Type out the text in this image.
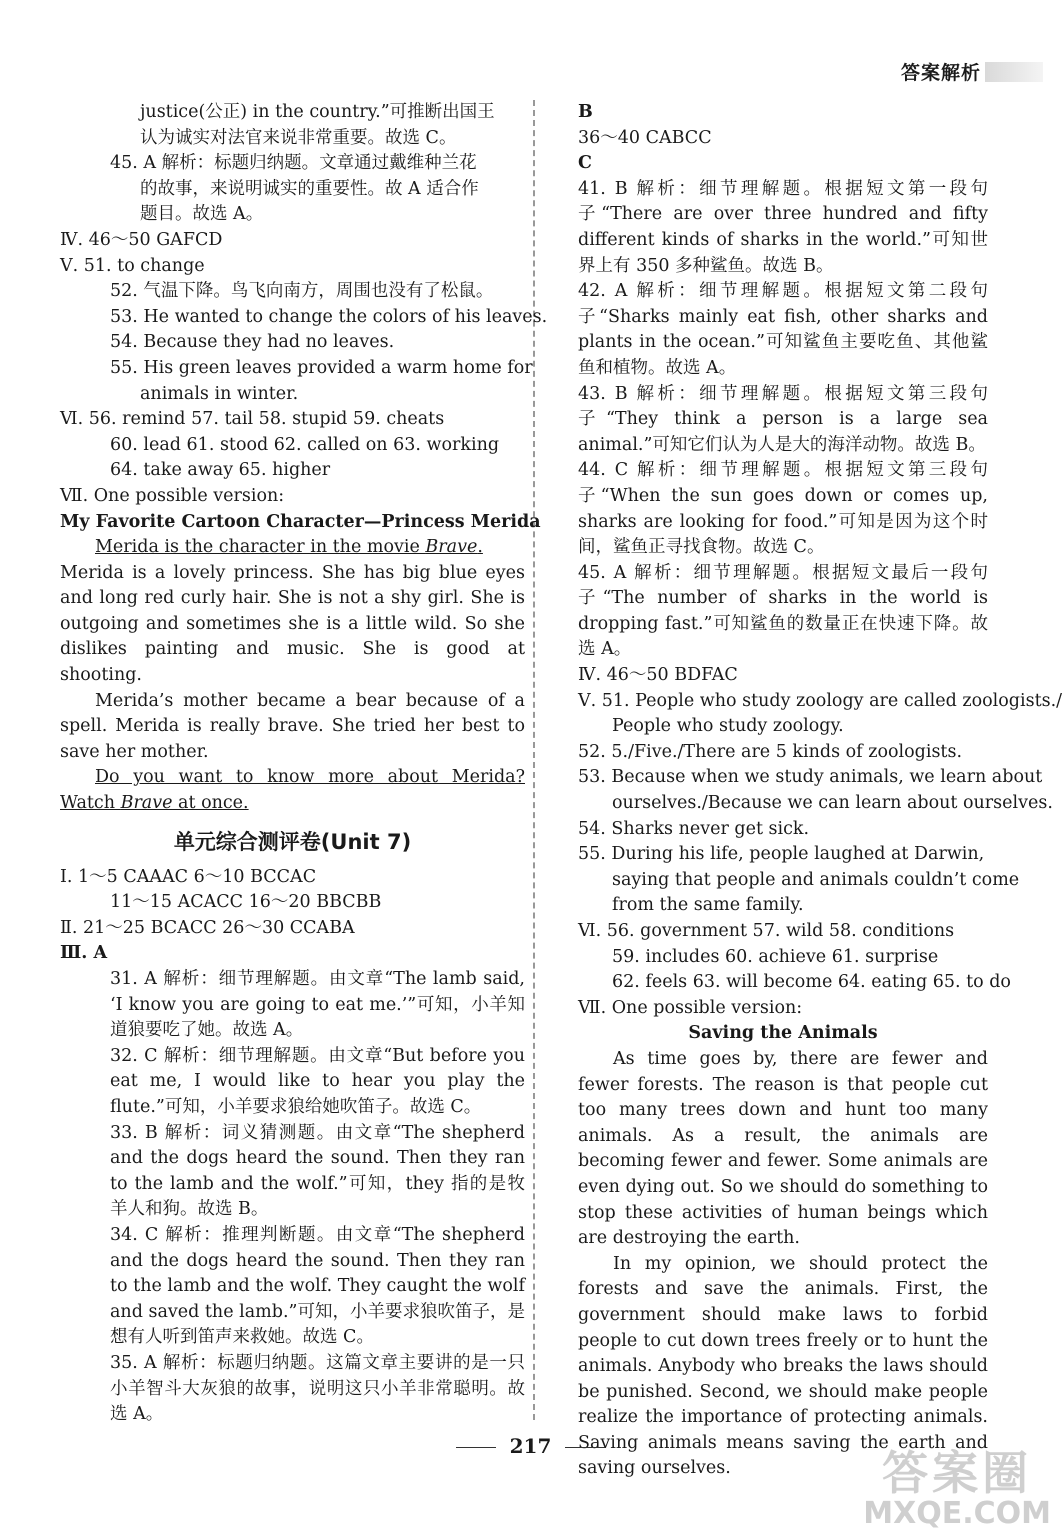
答案解析
justice(公正) in the country.”可推断出国王
认为诚实对法官来说非常重要。故选 C。
45. A 解析：标题归纳题。文章通过戴维种兰花
的故事，来说明诚实的重要性。故 A 适合作
题目。故选 A。
Ⅳ. 46～50 GAFCD
Ⅴ. 51. to change
52. 气温下降。鸟飞向南方，周围也没有了松鼠。
53. He wanted to change the colors of his leaves.
54. Because they had no leaves.
55. His green leaves provided a warm home for
animals in winter.
Ⅵ. 56. remind 57. tail 58. stupid 59. cheats
60. lead 61. stood 62. called on 63. working
64. take away 65. higher
Ⅶ. One possible version:
My Favorite Cartoon Character—Princess Merida
Merida is the character in the movie Brave.
Merida is a lovely princess. She has big blue eyes and long red curly hair. She is not a shy girl. She is outgoing and sometimes she is a little wild. So she dislikes painting and music. She is good at shooting.
Merida’s mother became a bear because of a spell. Merida is really brave. She tried her best to save her mother.
Do you want to know more about Merida? Watch Brave at once.
单元综合测评卷(Unit 7)
Ⅰ. 1～5 CAAAC 6～10 BCCAC
11～15 ACACC 16～20 BBCBB
Ⅱ. 21～25 BCACC 26～30 CCABA
Ⅲ. A
31. A 解析：细节理解题。由文章“The lamb said, ‘I know you are going to eat me.’”可知，小羊知道狼要吃了她。故选 A。
32. C 解析：细节理解题。由文章“But before you eat me, I would like to hear you play the flute.”可知，小羊要求狼给她吹笛子。故选 C。
33. B 解析：词义猜测题。由文章“The shepherd and the dogs heard the sound. Then they ran to the lamb and the wolf.”可知，they 指的是牧羊人和狗。故选 B。
34. C 解析：推理判断题。由文章“The shepherd and the dogs heard the sound. Then they ran to the lamb and the wolf. They caught the wolf and saved the lamb.”可知，小羊要求狼吹笛子，是想有人听到笛声来救她。故选 C。
35. A 解析：标题归纳题。这篇文章主要讲的是一只小羊智斗大灰狼的故事，说明这只小羊非常聪明。故选 A。
B
36～40 CABCC
C
41. B 解析：细节理解题。根据短文第一段句子“There are over three hundred and fifty different kinds of sharks in the world.”可知世界上有 350 多种鲨鱼。故选 B。
42. A 解析：细节理解题。根据短文第二段句子“Sharks mainly eat fish, other sharks and plants in the ocean.”可知鲨鱼主要吃鱼、其他鲨鱼和植物。故选 A。
43. B 解析：细节理解题。根据短文第三段句子“They think a person is a large sea animal.”可知它们认为人是大的海洋动物。故选 B。
44. C 解析：细节理解题。根据短文第三段句子“When the sun goes down or comes up, sharks are looking for food.”可知是因为这个时间，鲨鱼正寻找食物。故选 C。
45. A 解析：细节理解题。根据短文最后一段句子“The number of sharks in the world is dropping fast.”可知鲨鱼的数量正在快速下降。故选 A。
Ⅳ. 46～50 BDFAC
Ⅴ. 51. People who study zoology are called zoologists./
People who study zoology.
52. 5./Five./There are 5 kinds of zoologists.
53. Because when we study animals, we learn about
ourselves./Because we can learn about ourselves.
54. Sharks never get sick.
55. During his life, people laughed at Darwin,
saying that people and animals couldn’t come
from the same family.
Ⅵ. 56. government 57. wild 58. conditions
59. includes 60. achieve 61. surprise
62. feels 63. will become 64. eating 65. to do
Ⅶ. One possible version:
Saving the Animals
As time goes by, there are fewer and fewer forests. The reason is that people cut too many trees down and hunt too many animals. As a result, the animals are becoming fewer and fewer. Some animals are even dying out. So we should do something to stop these activities of human beings which are destroying the earth.
In my opinion, we should protect the forests and save the animals. First, the government should make laws to forbid people to cut down trees freely or to hunt the animals. Anybody who breaks the laws should be punished. Second, we should make people realize the importance of protecting animals. Saving animals means saving the earth and saving ourselves.
217	答案圈
MXQE.COM
